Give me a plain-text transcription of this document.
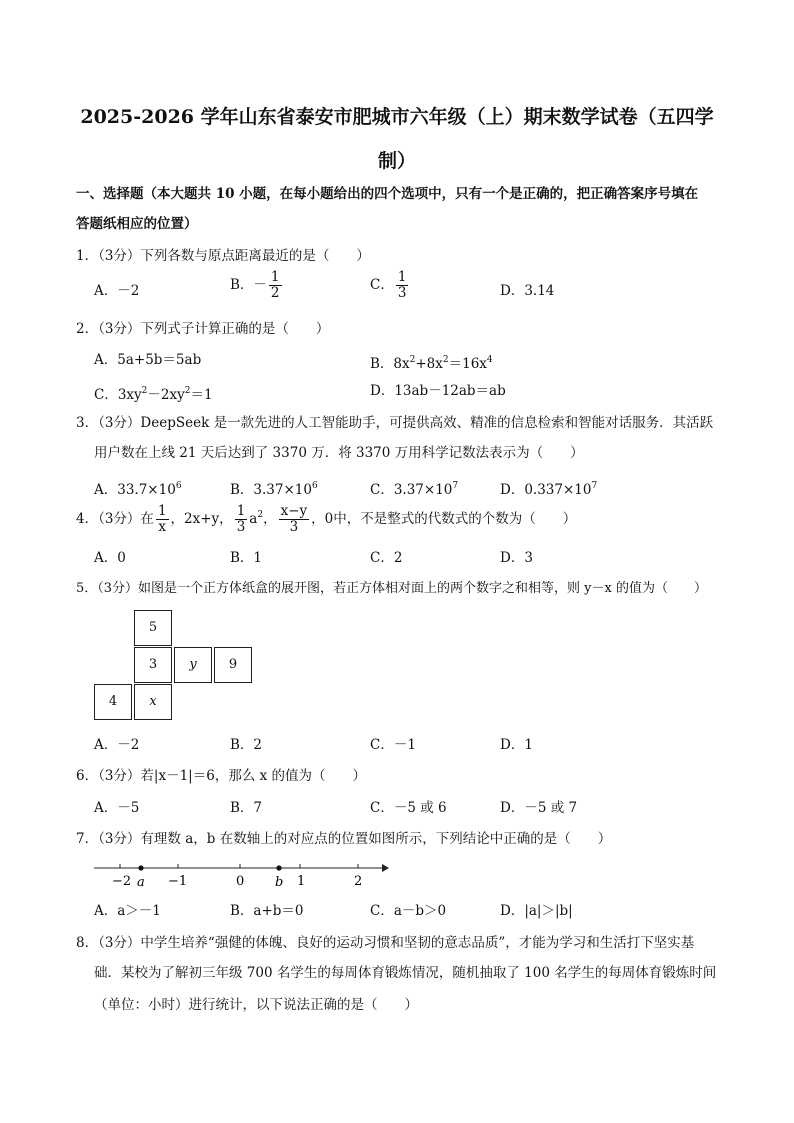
2025-2026 学年山东省泰安市肥城市六年级（上）期末数学试卷（五四学
制）
一、选择题（本大题共 10 小题，在每小题给出的四个选项中，只有一个是正确的，把正确答案序号填在
答题纸相应的位置）
1．（3分）下列各数与原点距离最近的是（　　）
A．－2	B．－ $\frac{1}{2}$	C． $\frac{1}{3}$	D．3.14
2．（3分）下列式子计算正确的是（　　）
A．5a+5b＝5ab	B．$8x^2+8x^2=16x^4$
C．$3xy^2-2xy^2=1$	D．13ab－12ab＝ab
3．（3分）DeepSeek 是一款先进的人工智能助手，可提供高效、精准的信息检索和智能对话服务．其活跃
用户数在上线 21 天后达到了 3370 万．将 3370 万用科学记数法表示为（　　）
A．$33.7\times 10^6$	B．$3.37\times 10^6$	C．$3.37\times 10^7$	D．$0.337\times 10^7$
4．（3分）在 $\frac{1}{x}$ ，2x+y， $\frac{1}{3} a^2$， $\frac{x-y}{3}$ ，0中，不是整式的代数式的个数为（　　）
A．0	B．1	C．2	D．3
5．（3分）如图是一个正方体纸盒的展开图，若正方体相对面上的两个数字之和相等，则 y－x 的值为（　　）
5
3	y	9
4	x
A．－2	B．2	C．－1	D．1
6．（3分）若|x－1|＝6，那么 x 的值为（　　）
A．－5	B．7	C．－5 或 6	D．－5 或 7
7．（3分）有理数 a，b 在数轴上的对应点的位置如图所示，下列结论中正确的是（　　）
−2	−1	0	1	2
a	b
A．a＞－1	B．a+b＝0	C．a－b＞0	D．|a|＞|b|
8．（3分）中学生培养“强健的体魄、良好的运动习惯和坚韧的意志品质”，才能为学习和生活打下坚实基
础．某校为了解初三年级 700 名学生的每周体育锻炼情况，随机抽取了 100 名学生的每周体育锻炼时间
（单位：小时）进行统计，以下说法正确的是（　　）
